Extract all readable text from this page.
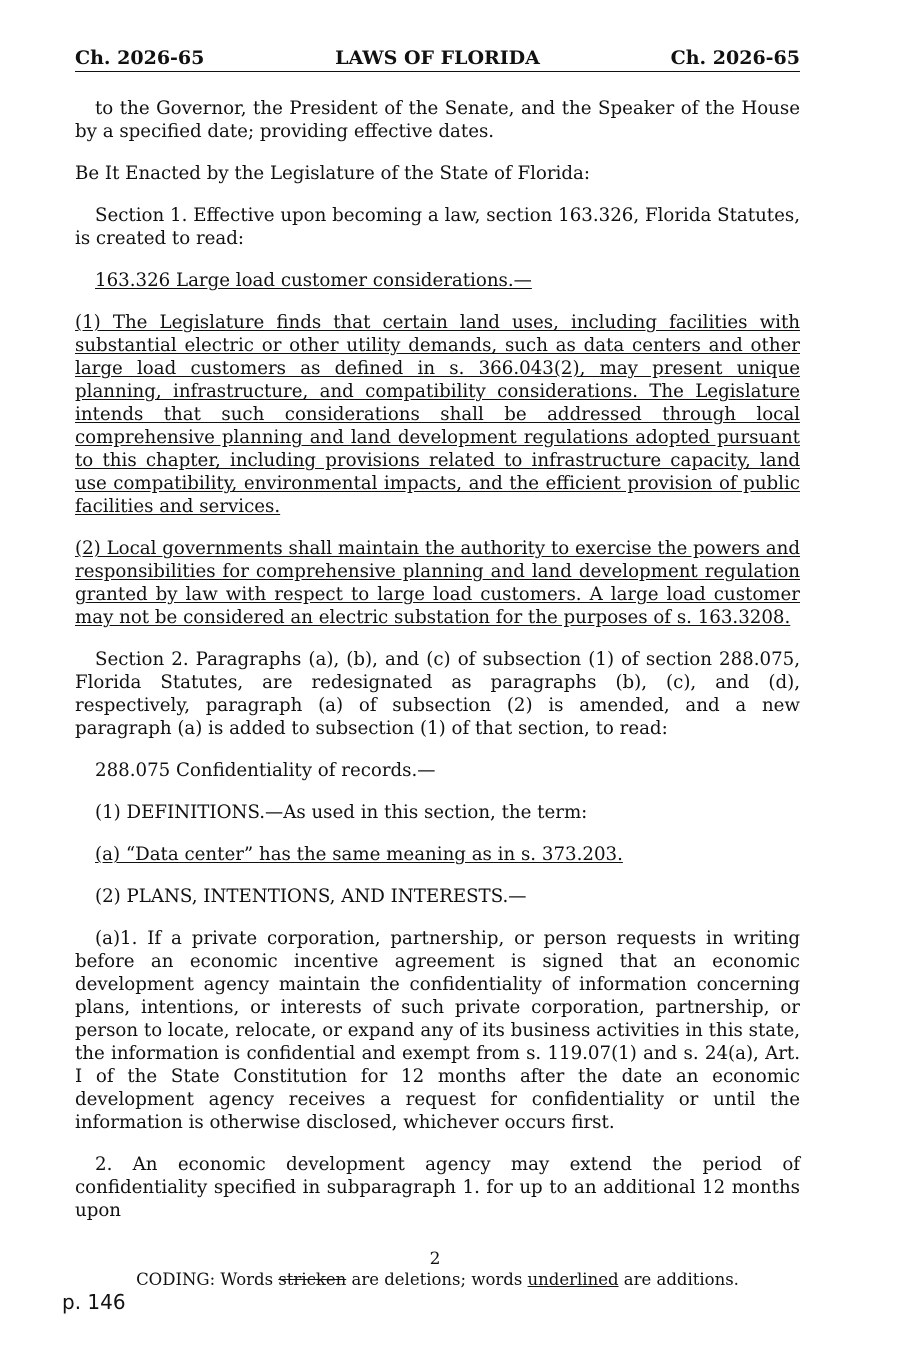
Ch. 2026-65	LAWS OF FLORIDA	Ch. 2026-65

to the Governor, the President of the Senate, and the Speaker of the House by a specified date; providing effective dates.

Be It Enacted by the Legislature of the State of Florida:

Section 1. Effective upon becoming a law, section 163.326, Florida Statutes, is created to read:

163.326 Large load customer considerations.—

(1) The Legislature finds that certain land uses, including facilities with substantial electric or other utility demands, such as data centers and other large load customers as defined in s. 366.043(2), may present unique planning, infrastructure, and compatibility considerations. The Legislature intends that such considerations shall be addressed through local comprehensive planning and land development regulations adopted pursuant to this chapter, including provisions related to infrastructure capacity, land use compatibility, environmental impacts, and the efficient provision of public facilities and services.

(2) Local governments shall maintain the authority to exercise the powers and responsibilities for comprehensive planning and land development regulation granted by law with respect to large load customers. A large load customer may not be considered an electric substation for the purposes of s. 163.3208.

Section 2. Paragraphs (a), (b), and (c) of subsection (1) of section 288.075, Florida Statutes, are redesignated as paragraphs (b), (c), and (d), respectively, paragraph (a) of subsection (2) is amended, and a new paragraph (a) is added to subsection (1) of that section, to read:

288.075 Confidentiality of records.—

(1) DEFINITIONS.—As used in this section, the term:

(a) “Data center” has the same meaning as in s. 373.203.

(2) PLANS, INTENTIONS, AND INTERESTS.—

(a)1. If a private corporation, partnership, or person requests in writing before an economic incentive agreement is signed that an economic development agency maintain the confidentiality of information concerning plans, intentions, or interests of such private corporation, partnership, or person to locate, relocate, or expand any of its business activities in this state, the information is confidential and exempt from s. 119.07(1) and s. 24(a), Art. I of the State Constitution for 12 months after the date an economic development agency receives a request for confidentiality or until the information is otherwise disclosed, whichever occurs first.

2. An economic development agency may extend the period of confidentiality specified in subparagraph 1. for up to an additional 12 months upon

2
CODING: Words stricken are deletions; words underlined are additions.
p. 146
